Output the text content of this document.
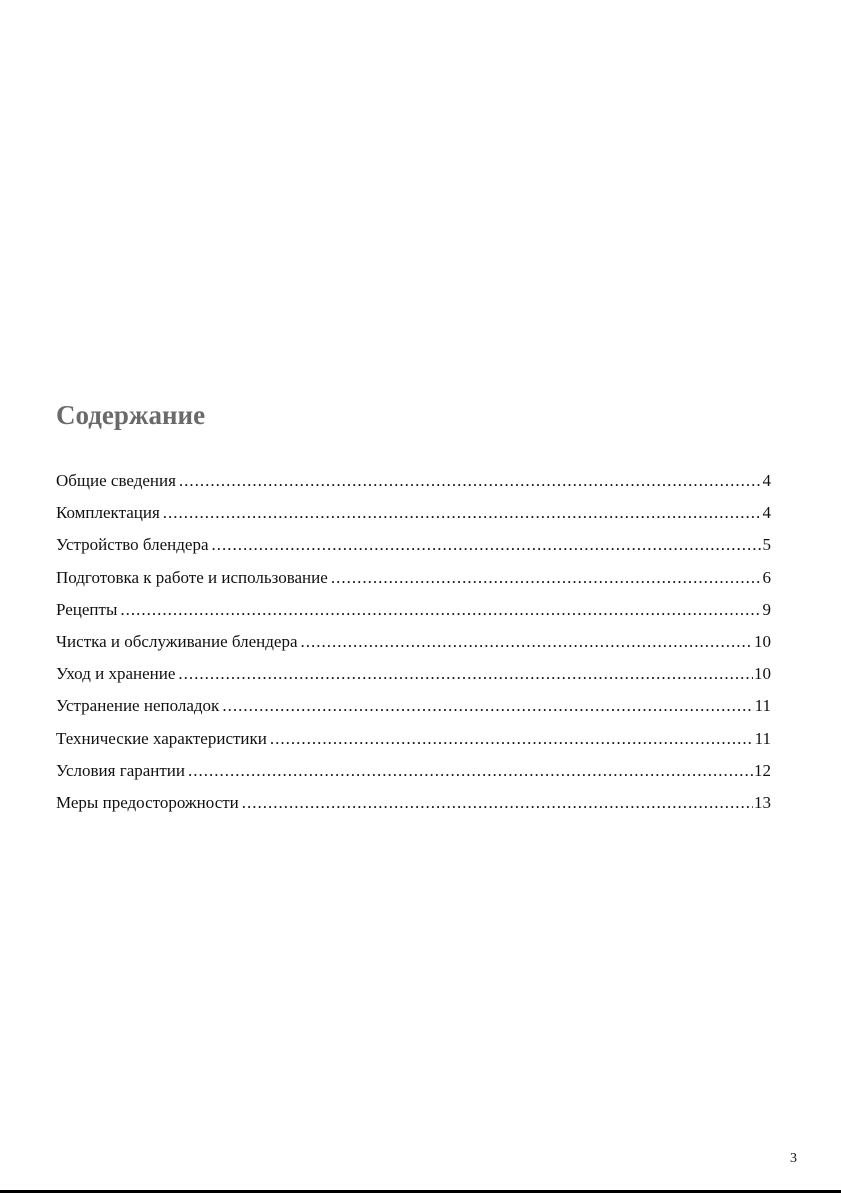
Содержание
Общие сведения .....	4
Комплектация .....	4
Устройство блендера .....	5
Подготовка к работе и использование .....	6
Рецепты .....	9
Чистка и обслуживание блендера .....	10
Уход и хранение .....	10
Устранение неполадок .....	11
Технические характеристики .....	11
Условия гарантии .....	12
Меры предосторожности .....	13
3
